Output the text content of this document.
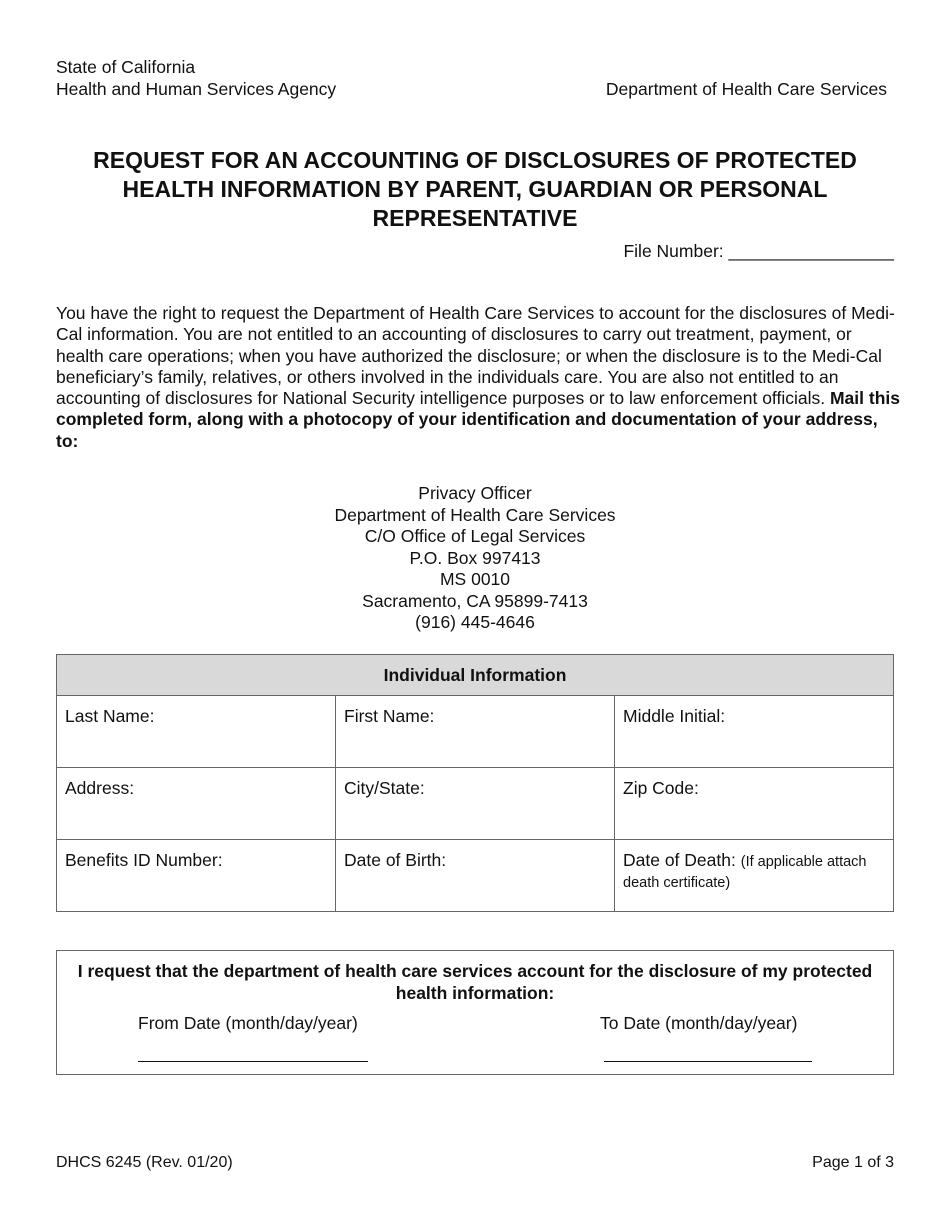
State of California
Health and Human Services Agency	Department of Health Care Services
REQUEST FOR AN ACCOUNTING OF DISCLOSURES OF PROTECTED
HEALTH INFORMATION BY PARENT, GUARDIAN OR PERSONAL
REPRESENTATIVE
File Number: _________________
You have the right to request the Department of Health Care Services to account for the disclosures of Medi-Cal information. You are not entitled to an accounting of disclosures to carry out treatment, payment, or health care operations; when you have authorized the disclosure; or when the disclosure is to the Medi-Cal beneficiary’s family, relatives, or others involved in the individuals care. You are also not entitled to an accounting of disclosures for National Security intelligence purposes or to law enforcement officials. Mail this completed form, along with a photocopy of your identification and documentation of your address, to:
Privacy Officer
Department of Health Care Services
C/O Office of Legal Services
P.O. Box 997413
MS 0010
Sacramento, CA 95899-7413
(916) 445-4646
Individual Information		
Last Name:	First Name:	Middle Initial:
Address:	City/State:	Zip Code:
Benefits ID Number:	Date of Birth:	Date of Death: (If applicable attach death certificate)
I request that the department of health care services account for the disclosure of my protected health information:
From Date (month/day/year)	To Date (month/day/year)
DHCS 6245 (Rev. 01/20)	Page 1 of 3
